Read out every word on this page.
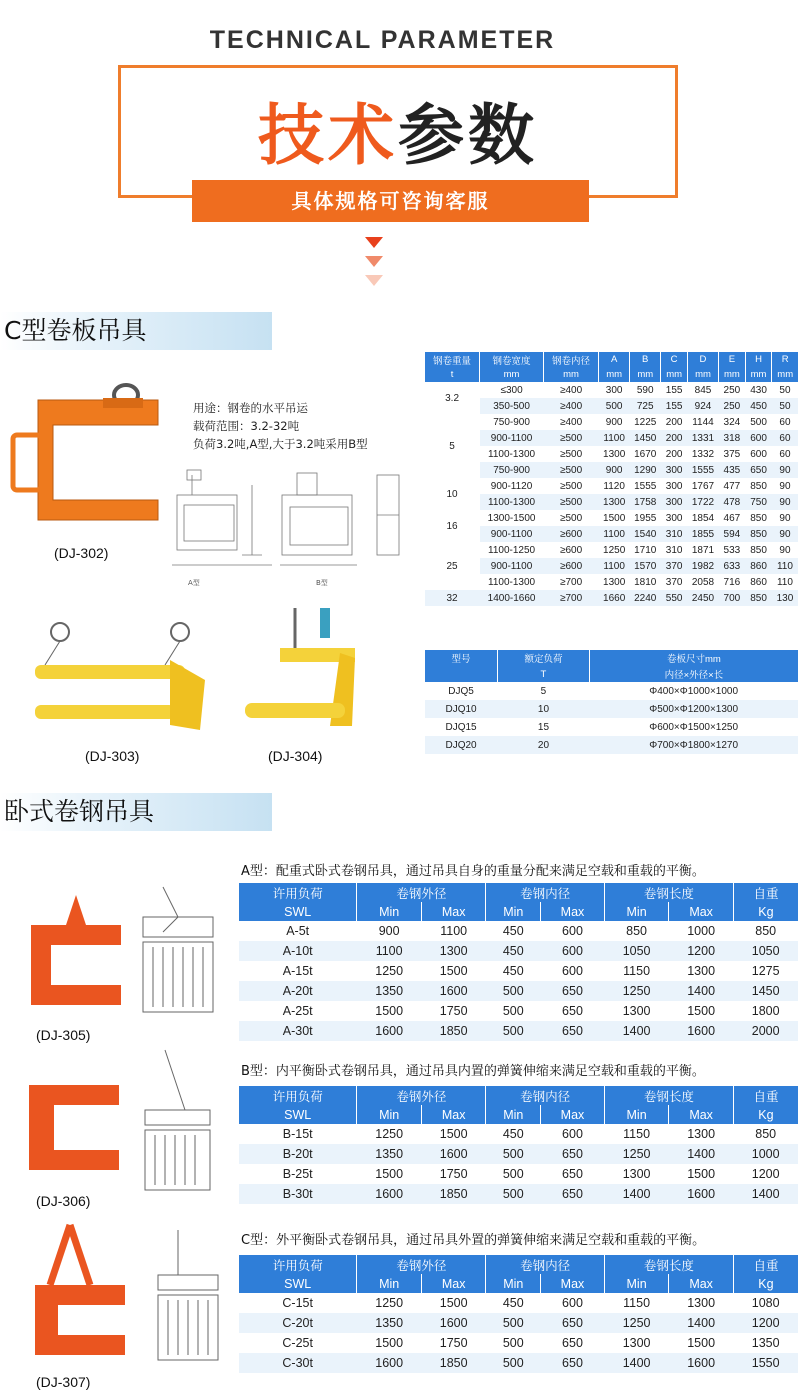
TECHNICAL PARAMETER
技术参数
具体规格可咨询客服
C型卷板吊具
(DJ-302)
用途：钢卷的水平吊运
载荷范围：3.2-32吨
负荷3.2吨,A型,大于3.2吨采用B型
A型	B型
(DJ-303)	(DJ-304)
钢卷重量	钢卷宽度	钢卷内径	A	B	C	D	E	H	R
t	mm	mm	mm	mm	mm	mm	mm	mm	mm
3.2	≤300	≥400	300	590	155	845	250	430	50
	350-500	≥400	500	725	155	924	250	450	50
5	750-900	≥400	900	1225	200	1144	324	500	60
	900-1100	≥500	1100	1450	200	1331	318	600	60
	1100-1300	≥500	1300	1670	200	1332	375	600	60
	750-900	≥500	900	1290	300	1555	435	650	90
10	900-1120	≥500	1120	1555	300	1767	477	850	90
	1100-1300	≥500	1300	1758	300	1722	478	750	90
16	1300-1500	≥500	1500	1955	300	1854	467	850	90
	900-1100	≥600	1100	1540	310	1855	594	850	90
25	1100-1250	≥600	1250	1710	310	1871	533	850	90
	900-1100	≥600	1100	1570	370	1982	633	860	110
	1100-1300	≥700	1300	1810	370	2058	716	860	110
32	1400-1660	≥700	1660	2240	550	2450	700	850	130
型号	额定负荷	卷板尺寸mm
	T	内径×外径×长
DJQ5	5	Φ400×Φ1000×1000
DJQ10	10	Φ500×Φ1200×1300
DJQ15	15	Φ600×Φ1500×1250
DJQ20	20	Φ700×Φ1800×1270
卧式卷钢吊具
(DJ-305)
(DJ-306)
(DJ-307)
A型：配重式卧式卷钢吊具，通过吊具自身的重量分配来满足空载和重载的平衡。
许用负荷	卷钢外径		卷钢内径		卷钢长度		自重
SWL	Min	Max	Min	Max	Min	Max	Kg
A-5t	900	1100	450	600	850	1000	850
A-10t	1100	1300	450	600	1050	1200	1050
A-15t	1250	1500	450	600	1150	1300	1275
A-20t	1350	1600	500	650	1250	1400	1450
A-25t	1500	1750	500	650	1300	1500	1800
A-30t	1600	1850	500	650	1400	1600	2000
B型：内平衡卧式卷钢吊具，通过吊具内置的弹簧伸缩来满足空载和重载的平衡。
许用负荷	卷钢外径		卷钢内径		卷钢长度		自重
SWL	Min	Max	Min	Max	Min	Max	Kg
B-15t	1250	1500	450	600	1150	1300	850
B-20t	1350	1600	500	650	1250	1400	1000
B-25t	1500	1750	500	650	1300	1500	1200
B-30t	1600	1850	500	650	1400	1600	1400
C型：外平衡卧式卷钢吊具，通过吊具外置的弹簧伸缩来满足空载和重载的平衡。
许用负荷	卷钢外径		卷钢内径		卷钢长度		自重
SWL	Min	Max	Min	Max	Min	Max	Kg
C-15t	1250	1500	450	600	1150	1300	1080
C-20t	1350	1600	500	650	1250	1400	1200
C-25t	1500	1750	500	650	1300	1500	1350
C-30t	1600	1850	500	650	1400	1600	1550
